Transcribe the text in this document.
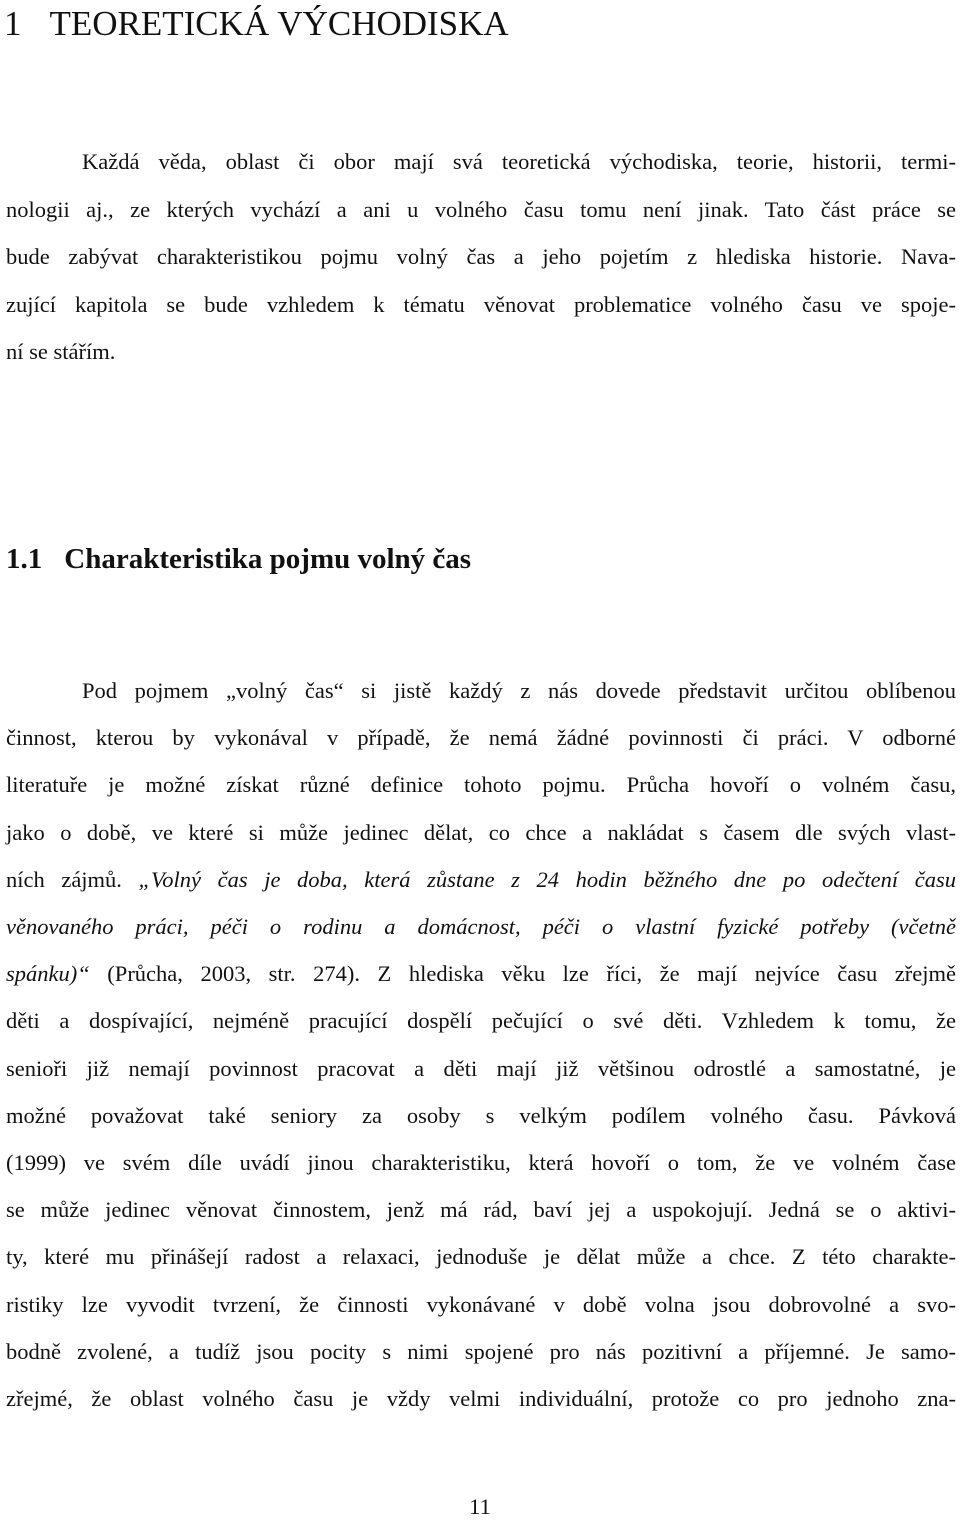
1 TEORETICKÁ VÝCHODISKA

Každá věda, oblast či obor mají svá teoretická východiska, teorie, historii, termi-
nologii aj., ze kterých vychází a ani u volného času tomu není jinak. Tato část práce se
bude zabývat charakteristikou pojmu volný čas a jeho pojetím z hlediska historie. Nava-
zující kapitola se bude vzhledem k tématu věnovat problematice volného času ve spoje-
ní se stářím.

1.1 Charakteristika pojmu volný čas

Pod pojmem „volný čas“ si jistě každý z nás dovede představit určitou oblíbenou
činnost, kterou by vykonával v případě, že nemá žádné povinnosti či práci. V odborné
literatuře je možné získat různé definice tohoto pojmu. Průcha hovoří o volném času,
jako o době, ve které si může jedinec dělat, co chce a nakládat s časem dle svých vlast-
ních zájmů. „Volný čas je doba, která zůstane z 24 hodin běžného dne po odečtení času
věnovaného práci, péči o rodinu a domácnost, péči o vlastní fyzické potřeby (včetně
spánku)“ (Průcha, 2003, str. 274). Z hlediska věku lze říci, že mají nejvíce času zřejmě
děti a dospívající, nejméně pracující dospělí pečující o své děti. Vzhledem k tomu, že
senioři již nemají povinnost pracovat a děti mají již většinou odrostlé a samostatné, je
možné považovat také seniory za osoby s velkým podílem volného času. Pávková
(1999) ve svém díle uvádí jinou charakteristiku, která hovoří o tom, že ve volném čase
se může jedinec věnovat činnostem, jenž má rád, baví jej a uspokojují. Jedná se o aktivi-
ty, které mu přinášejí radost a relaxaci, jednoduše je dělat může a chce. Z této charakte-
ristiky lze vyvodit tvrzení, že činnosti vykonávané v době volna jsou dobrovolné a svo-
bodně zvolené, a tudíž jsou pocity s nimi spojené pro nás pozitivní a příjemné. Je samo-
zřejmé, že oblast volného času je vždy velmi individuální, protože co pro jednoho zna-

11
